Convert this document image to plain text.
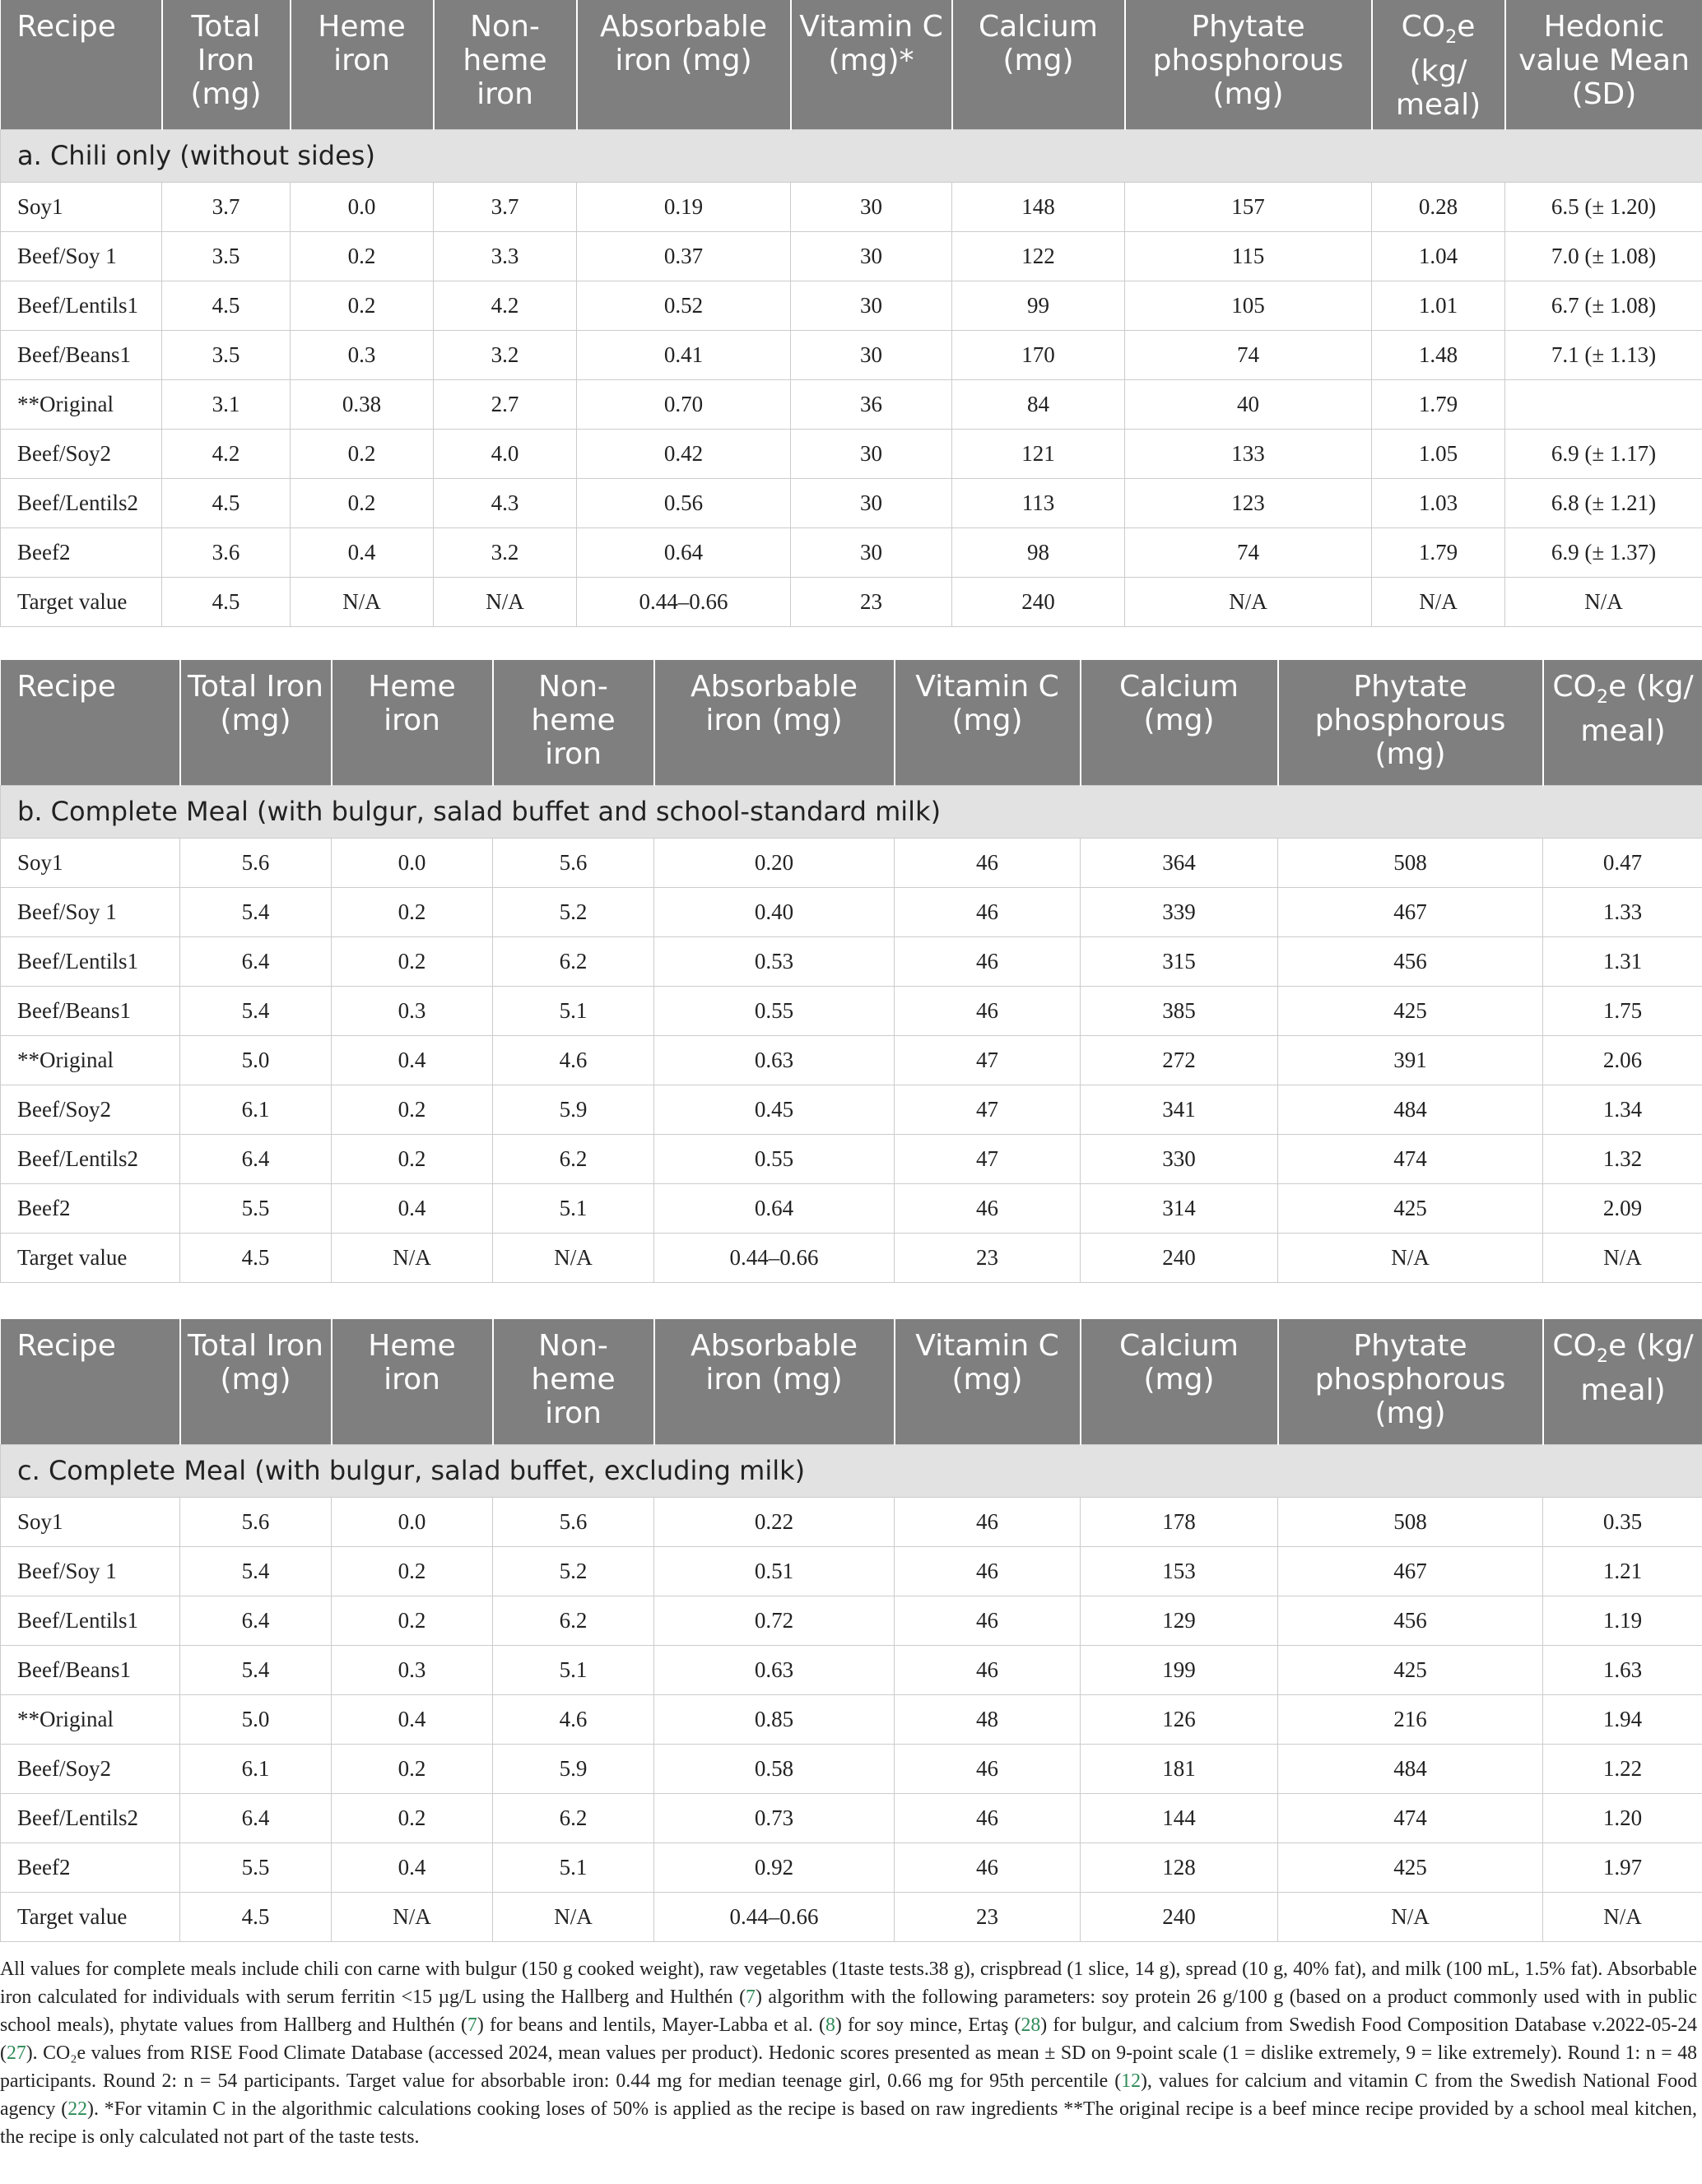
Recipe	Total Iron (mg)	Heme iron	Non-heme iron	Absorbable iron (mg)	Vitamin C (mg)*	Calcium (mg)	Phytate phosphorous (mg)	$CO_2e$ (kg/ meal)	Hedonic value Mean (SD)
a. Chili only (without sides)									
Soy1	3.7	0.0	3.7	0.19	30	148	157	0.28	6.5 (± 1.20)
Beef/Soy 1	3.5	0.2	3.3	0.37	30	122	115	1.04	7.0 (± 1.08)
Beef/Lentils1	4.5	0.2	4.2	0.52	30	99	105	1.01	6.7 (± 1.08)
Beef/Beans1	3.5	0.3	3.2	0.41	30	170	74	1.48	7.1 (± 1.13)
**Original	3.1	0.38	2.7	0.70	36	84	40	1.79	
Beef/Soy2	4.2	0.2	4.0	0.42	30	121	133	1.05	6.9 (± 1.17)
Beef/Lentils2	4.5	0.2	4.3	0.56	30	113	123	1.03	6.8 (± 1.21)
Beef2	3.6	0.4	3.2	0.64	30	98	74	1.79	6.9 (± 1.37)
Target value	4.5	N/A	N/A	0.44–0.66	23	240	N/A	N/A	N/A
Recipe	Total Iron (mg)	Heme iron	Non-heme iron	Absorbable iron (mg)	Vitamin C (mg)	Calcium (mg)	Phytate phosphorous (mg)	$CO_2e$ (kg/ meal)
b. Complete Meal (with bulgur, salad buffet and school-standard milk)								
Soy1	5.6	0.0	5.6	0.20	46	364	508	0.47
Beef/Soy 1	5.4	0.2	5.2	0.40	46	339	467	1.33
Beef/Lentils1	6.4	0.2	6.2	0.53	46	315	456	1.31
Beef/Beans1	5.4	0.3	5.1	0.55	46	385	425	1.75
**Original	5.0	0.4	4.6	0.63	47	272	391	2.06
Beef/Soy2	6.1	0.2	5.9	0.45	47	341	484	1.34
Beef/Lentils2	6.4	0.2	6.2	0.55	47	330	474	1.32
Beef2	5.5	0.4	5.1	0.64	46	314	425	2.09
Target value	4.5	N/A	N/A	0.44–0.66	23	240	N/A	N/A
Recipe	Total Iron (mg)	Heme iron	Non-heme iron	Absorbable iron (mg)	Vitamin C (mg)	Calcium (mg)	Phytate phosphorous (mg)	$CO_2e$ (kg/ meal)
c. Complete Meal (with bulgur, salad buffet, excluding milk)								
Soy1	5.6	0.0	5.6	0.22	46	178	508	0.35
Beef/Soy 1	5.4	0.2	5.2	0.51	46	153	467	1.21
Beef/Lentils1	6.4	0.2	6.2	0.72	46	129	456	1.19
Beef/Beans1	5.4	0.3	5.1	0.63	46	199	425	1.63
**Original	5.0	0.4	4.6	0.85	48	126	216	1.94
Beef/Soy2	6.1	0.2	5.9	0.58	46	181	484	1.22
Beef/Lentils2	6.4	0.2	6.2	0.73	46	144	474	1.20
Beef2	5.5	0.4	5.1	0.92	46	128	425	1.97
Target value	4.5	N/A	N/A	0.44–0.66	23	240	N/A	N/A
All values for complete meals include chili con carne with bulgur (150 g cooked weight), raw vegetables (1taste tests.38 g), crispbread (1 slice, 14 g), spread (10 g, 40% fat), and milk (100 mL, 1.5% fat). Absorbable iron calculated for individuals with serum ferritin <15 µg/L using the Hallberg and Hulthén (7) algorithm with the following parameters: soy protein 26 g/100 g (based on a product commonly used with in public school meals), phytate values from Hallberg and Hulthén (7) for beans and lentils, Mayer-Labba et al. (8) for soy mince, Ertaş (28) for bulgur, and calcium from Swedish Food Composition Database v.2022-05-24 (27). CO₂e values from RISE Food Climate Database (accessed 2024, mean values per product). Hedonic scores presented as mean ± SD on 9-point scale (1 = dislike extremely, 9 = like extremely). Round 1: n = 48 participants. Round 2: n = 54 participants. Target value for absorbable iron: 0.44 mg for median teenage girl, 0.66 mg for 95th percentile (12), values for calcium and vitamin C from the Swedish National Food agency (22). *For vitamin C in the algorithmic calculations cooking loses of 50% is applied as the recipe is based on raw ingredients **The original recipe is a beef mince recipe provided by a school meal kitchen, the recipe is only calculated not part of the taste tests.
